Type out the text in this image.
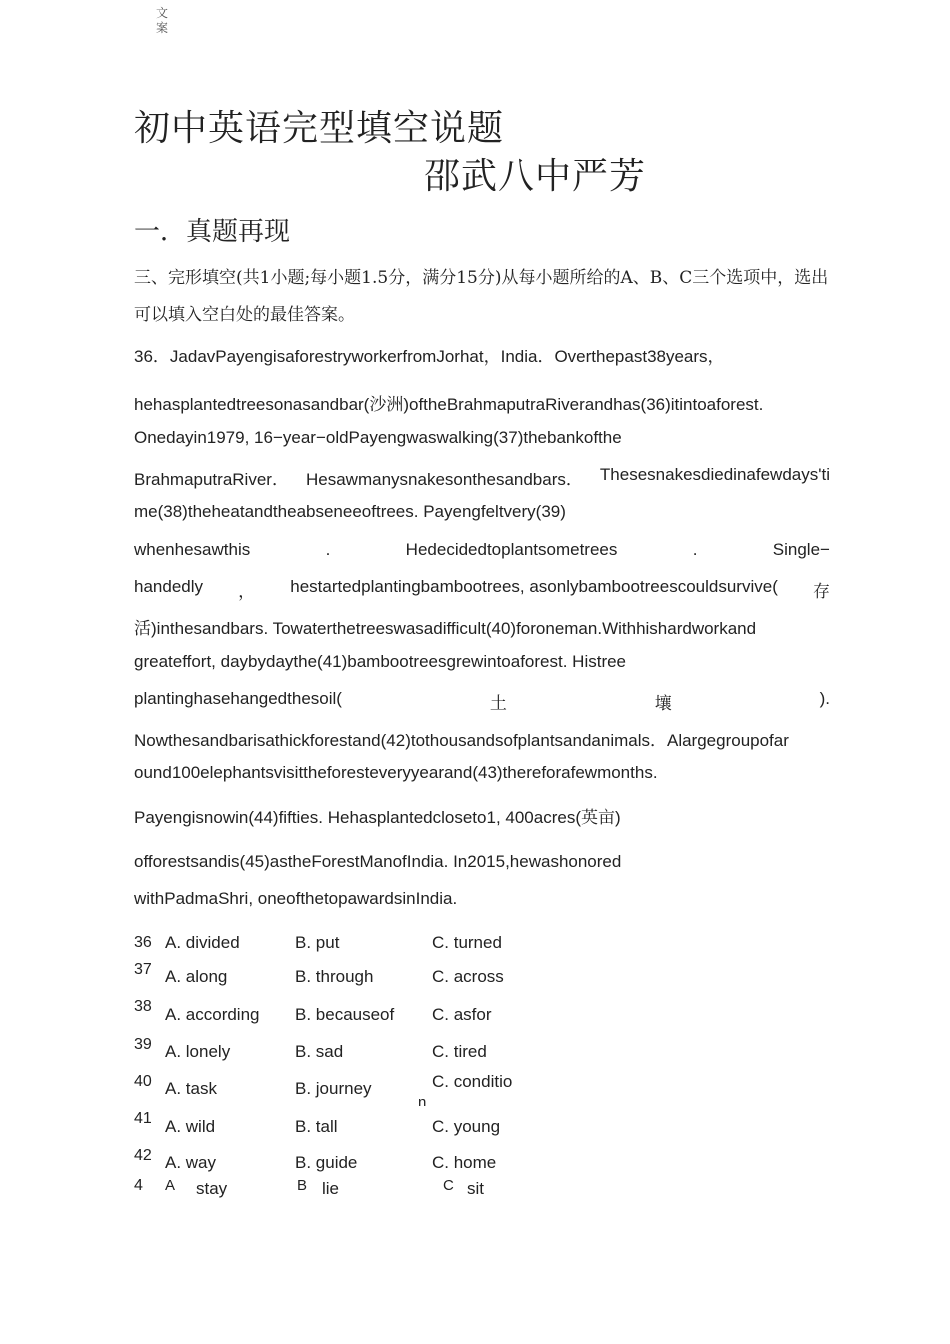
文案
初中英语完型填空说题
邵武八中严芳
一．真题再现
三、完形填空(共1小题;每小题1.5分，满分15分)从每小题所给的A、B、C三个选项中，选出可以填入空白处的最佳答案。
36．JadavPayengisaforestryworkerfromJorhat，India．Overthepast38years，
hehasplantedtreesonasandbar(沙洲)oftheBrahmaputraRiverandhas(36)itintoaforest.
Onedayin1979, 16−year−oldPayengwaswalking(37)thebankofthe
BrahmaputraRiver． Hesawmanysnakesonthesandbars． Thesesnakesdiedinafewdays'ti
me(38)theheatandtheabseneeoftrees. Payengfeltvery(39)
whenhesawthis	.	Hedecidedtoplantsometrees	.	Single−
handedly ， hestartedplantingbambootrees, asonlybambootreescouldsurvive( 存
活)inthesandbars. Towaterthetreeswasadifficult(40)foroneman.Withhishardworkand
greateffort, daybydaythe(41)bambootreesgrewintoaforest. Histree
plantinghasehangedthesoil(	土	壤	).
Nowthesandbarisathickforestand(42)tothousandsofplantsandanimals．Alargegroupofar
ound100elephantsvisittheforesteveryyearand(43)thereforafewmonths.
Payengisnowin(44)fifties. Hehasplantedcloseto1, 400acres(英亩)
offorestsandis(45)astheForestManofIndia. In2015,hewashonored
withPadmaShri, oneofthetopawardsinIndia.
36 A. divided	B. put	C. turned
37 A. along	B. through	C. across
38 A. according B. becauseof C. asfor
39 A. lonely	B. sad	C. tired
40 A. task	B. journey	C. conditio
n
41 A. wild	B. tall	C. young
42 A. way	B. guide	C. home
4 A stay	B lie	C sit
